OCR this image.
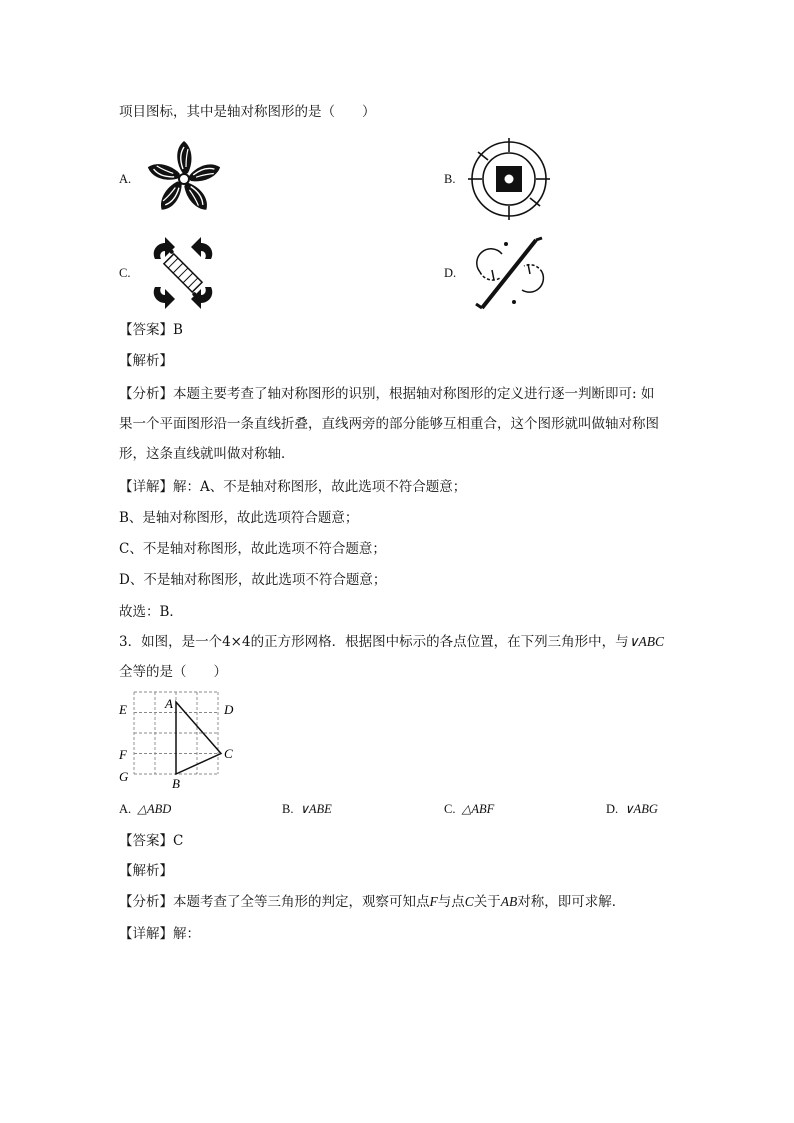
项目图标，其中是轴对称图形的是（　　）
A.	B.
C.	D.
【答案】B
【解析】
【分析】本题主要考查了轴对称图形的识别，根据轴对称图形的定义进行逐一判断即可: 如
果一个平面图形沿一条直线折叠，直线两旁的部分能够互相重合，这个图形就叫做轴对称图
形，这条直线就叫做对称轴．
【详解】解：A、不是轴对称图形，故此选项不符合题意；
B、是轴对称图形，故此选项符合题意；
C、不是轴对称图形，故此选项不符合题意；
D、不是轴对称图形，故此选项不符合题意；
故选：B．
3．如图，是一个4×4的正方形网格．根据图中标示的各点位置，在下列三角形中，与∨ABC
全等的是（　　）
A
B
C
D
E
F
G
A. △ABD	B. ∨ABE	C. △ABF	D. ∨ABG
【答案】C
【解析】
【分析】本题考查了全等三角形的判定，观察可知点F与点C关于AB对称，即可求解．
【详解】解：
